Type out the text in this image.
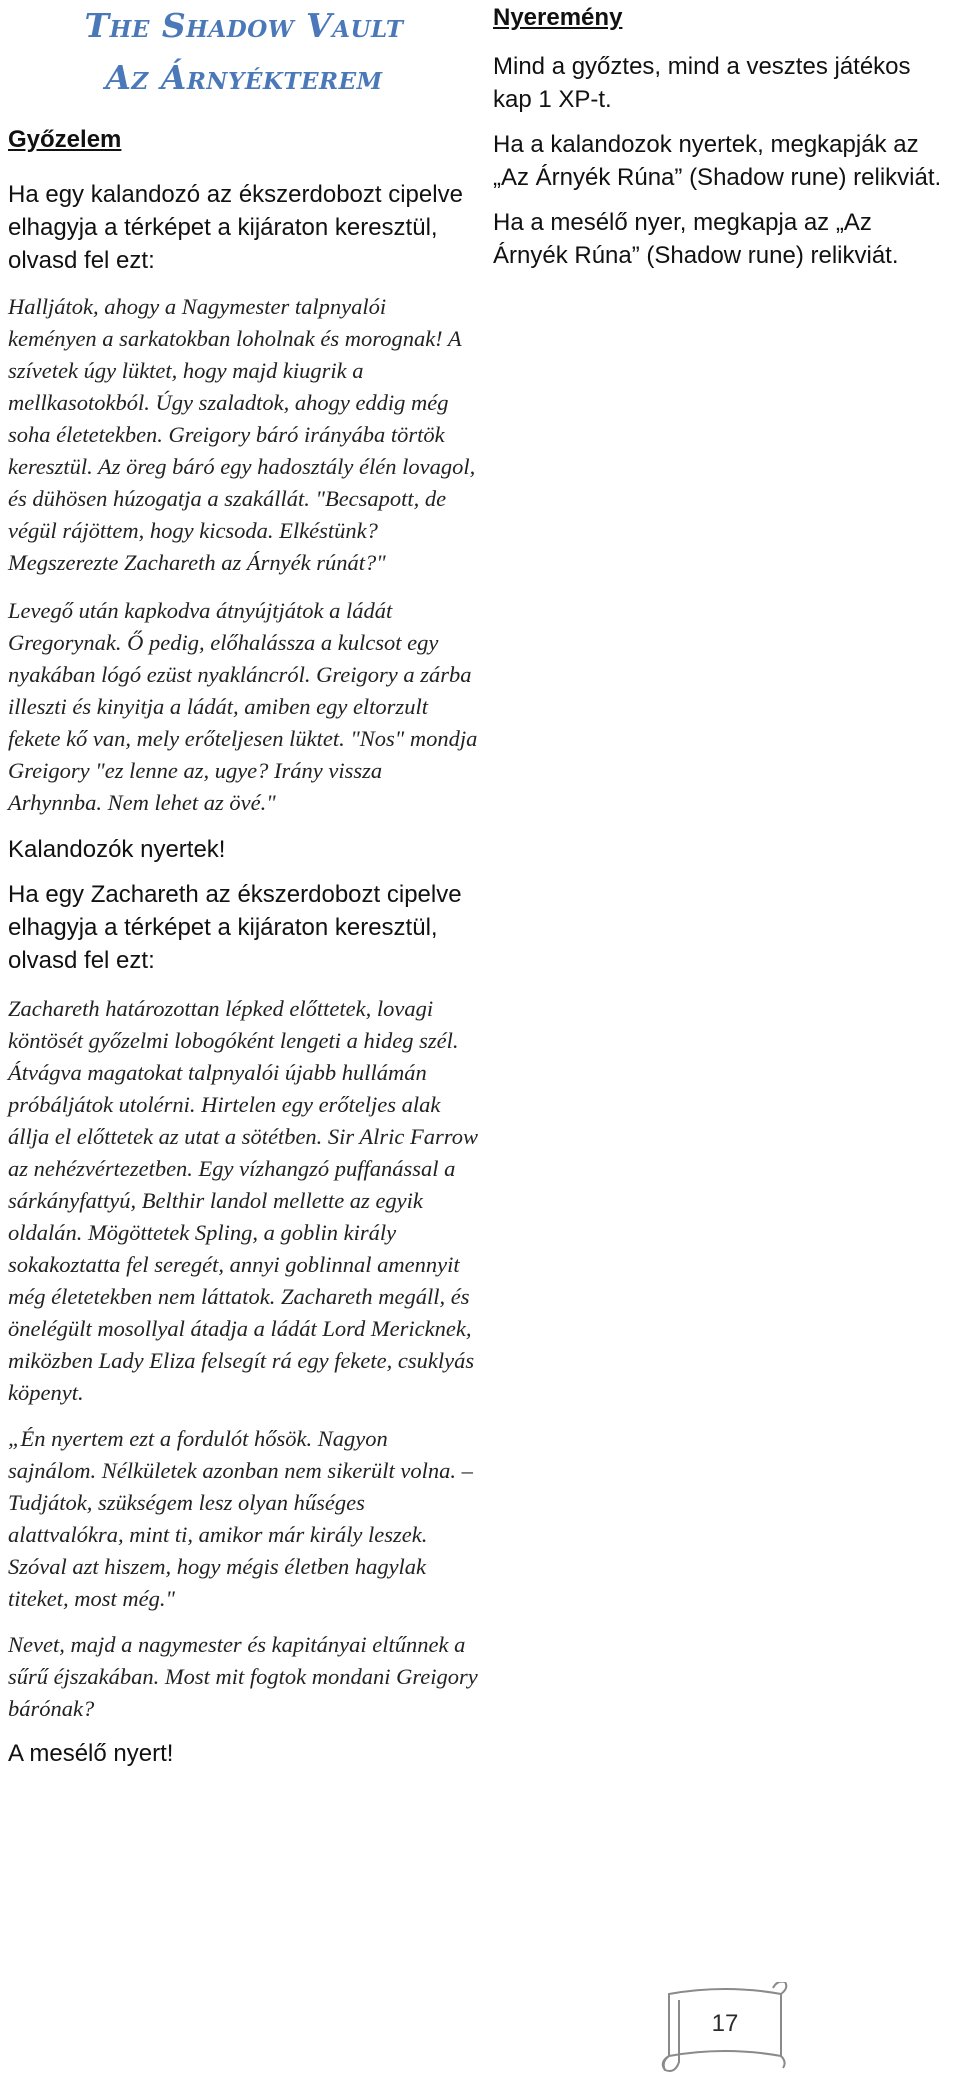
The Shadow Vault
Az Árnyékterem
Győzelem

Ha egy kalandozó az ékszerdobozt cipelve elhagyja a térképet a kijáraton keresztül, olvasd fel ezt:

Halljátok, ahogy a Nagymester talpnyalói keményen a sarkatokban loholnak és morognak! A szívetek úgy lüktet, hogy majd kiugrik a mellkasotokból. Úgy szaladtok, ahogy eddig még soha életetekben. Greigory báró irányába törtök keresztül. Az öreg báró egy hadosztály élén lovagol, és dühösen húzogatja a szakállát. "Becsapott, de végül rájöttem, hogy kicsoda. Elkéstünk? Megszerezte Zachareth az Árnyék rúnát?"

Levegő után kapkodva átnyújtjátok a ládát Gregorynak. Ő pedig, előhalássza a kulcsot egy nyakában lógó ezüst nyakláncról. Greigory a zárba illeszti és kinyitja a ládát, amiben egy eltorzult fekete kő van, mely erőteljesen lüktet. "Nos" mondja Greigory "ez lenne az, ugye? Irány vissza Arhynnba. Nem lehet az övé."

Kalandozók nyertek!

Ha egy Zachareth az ékszerdobozt cipelve elhagyja a térképet a kijáraton keresztül, olvasd fel ezt:

Zachareth határozottan lépked előttetek, lovagi köntösét győzelmi lobogóként lengeti a hideg szél. Átvágva magatokat talpnyalói újabb hullámán próbáljátok utolérni. Hirtelen egy erőteljes alak állja el előttetek az utat a sötétben. Sir Alric Farrow az nehézvértezetben. Egy vízhangzó puffanással a sárkányfattyú, Belthir landol mellette az egyik oldalán. Mögöttetek Spling, a goblin király sokakoztatta fel seregét, annyi goblinnal amennyit még életetekben nem láttatok. Zachareth megáll, és önelégült mosollyal átadja a ládát Lord Mericknek, miközben Lady Eliza felsegít rá egy fekete, csuklyás köpenyt.

„Én nyertem ezt a fordulót hősök. Nagyon sajnálom. Nélkületek azonban nem sikerült volna. – Tudjátok, szükségem lesz olyan hűséges alattvalókra, mint ti, amikor már király leszek. Szóval azt hiszem, hogy mégis életben hagylak titeket, most még."

Nevet, majd a nagymester és kapitányai eltűnnek a sűrű éjszakában. Most mit fogtok mondani Greigory bárónak?

A mesélő nyert!

Nyeremény

Mind a győztes, mind a vesztes játékos kap 1 XP-t.

Ha a kalandozok nyertek, megkapják az „Az Árnyék Rúna” (Shadow rune) relikviát.

Ha a mesélő nyer, megkapja az „Az Árnyék Rúna” (Shadow rune) relikviát.

17
